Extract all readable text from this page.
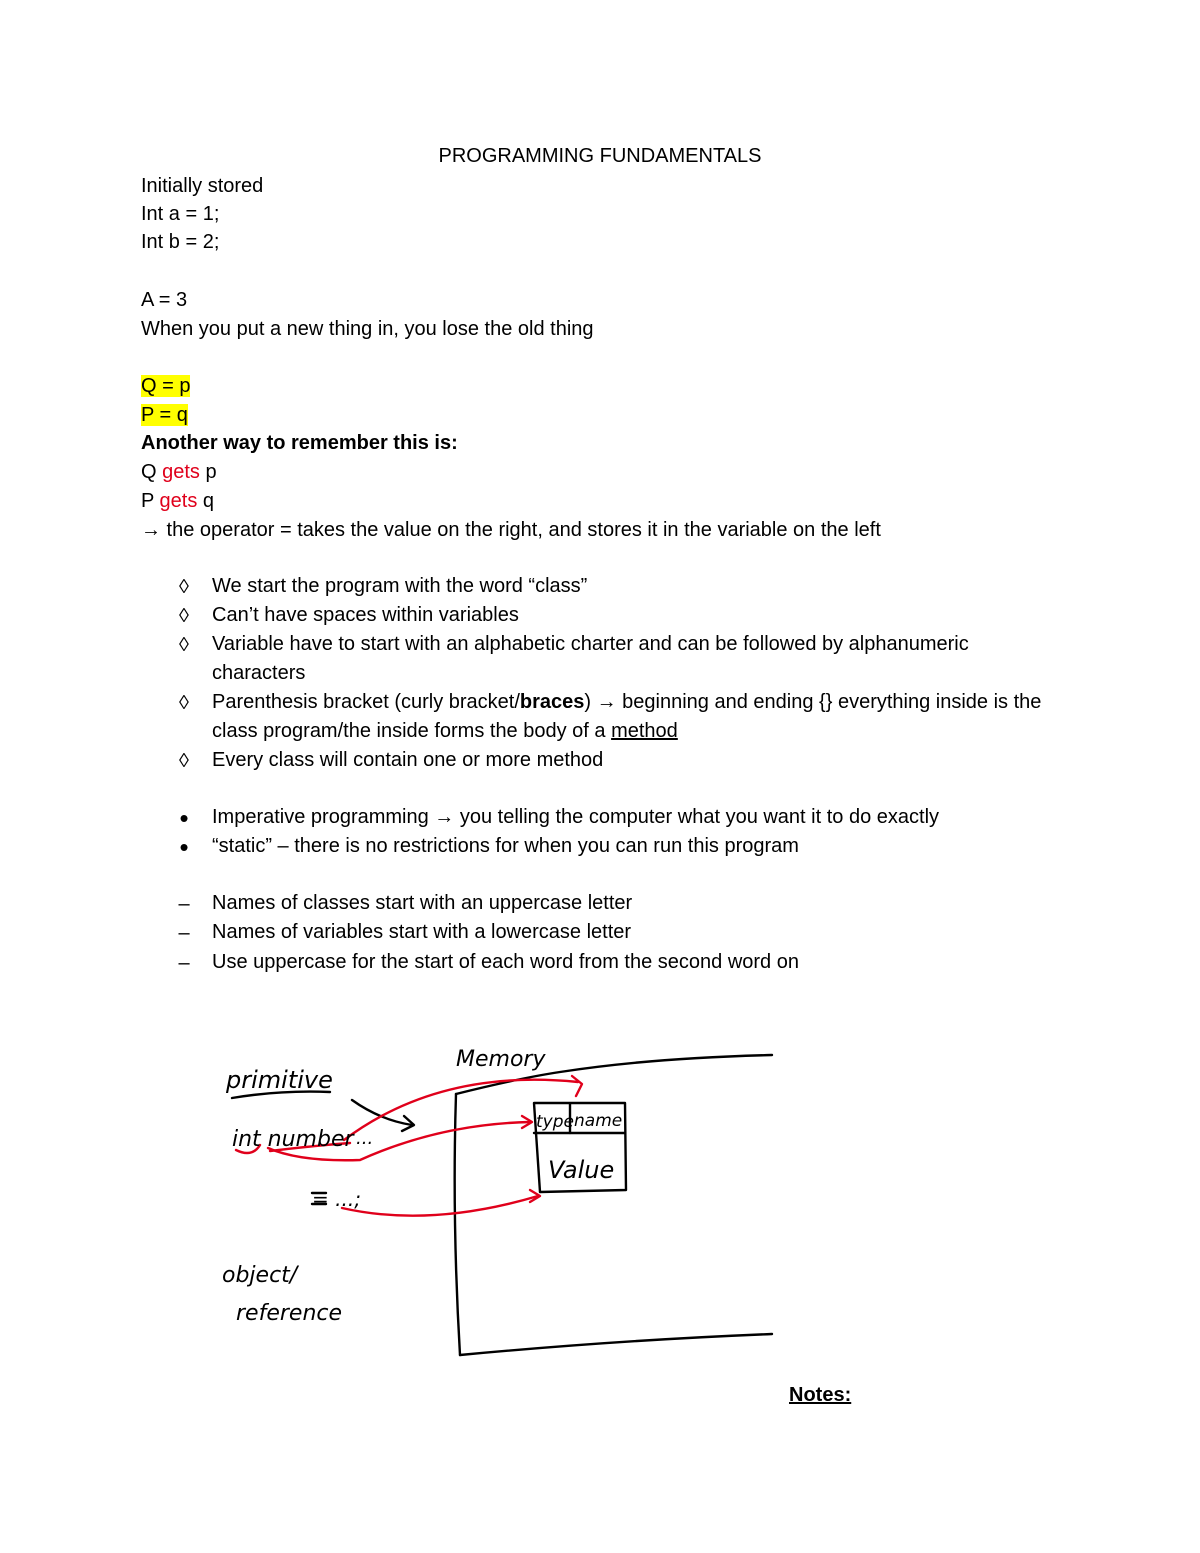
PROGRAMMING FUNDAMENTALS
Initially stored
Int a = 1;
Int b = 2;
A = 3
When you put a new thing in, you lose the old thing
Q = p
P = q
Another way to remember this is:
Q gets p
P gets q
→ the operator = takes the value on the right, and stores it in the variable on the left
◊ We start the program with the word “class”
◊ Can’t have spaces within variables
◊ Variable have to start with an alphabetic charter and can be followed by alphanumeric characters
◊ Parenthesis bracket (curly bracket/braces) → beginning and ending {} everything inside is the class program/the inside forms the body of a method
◊ Every class will contain one or more method
• Imperative programming → you telling the computer what you want it to do exactly
• “static” – there is no restrictions for when you can run this program
– Names of classes start with an uppercase letter
– Names of variables start with a lowercase letter
– Use uppercase for the start of each word from the second word on
primitive
int number ...
= ...;
object/
reference
Memory
type name
Value
Notes:
